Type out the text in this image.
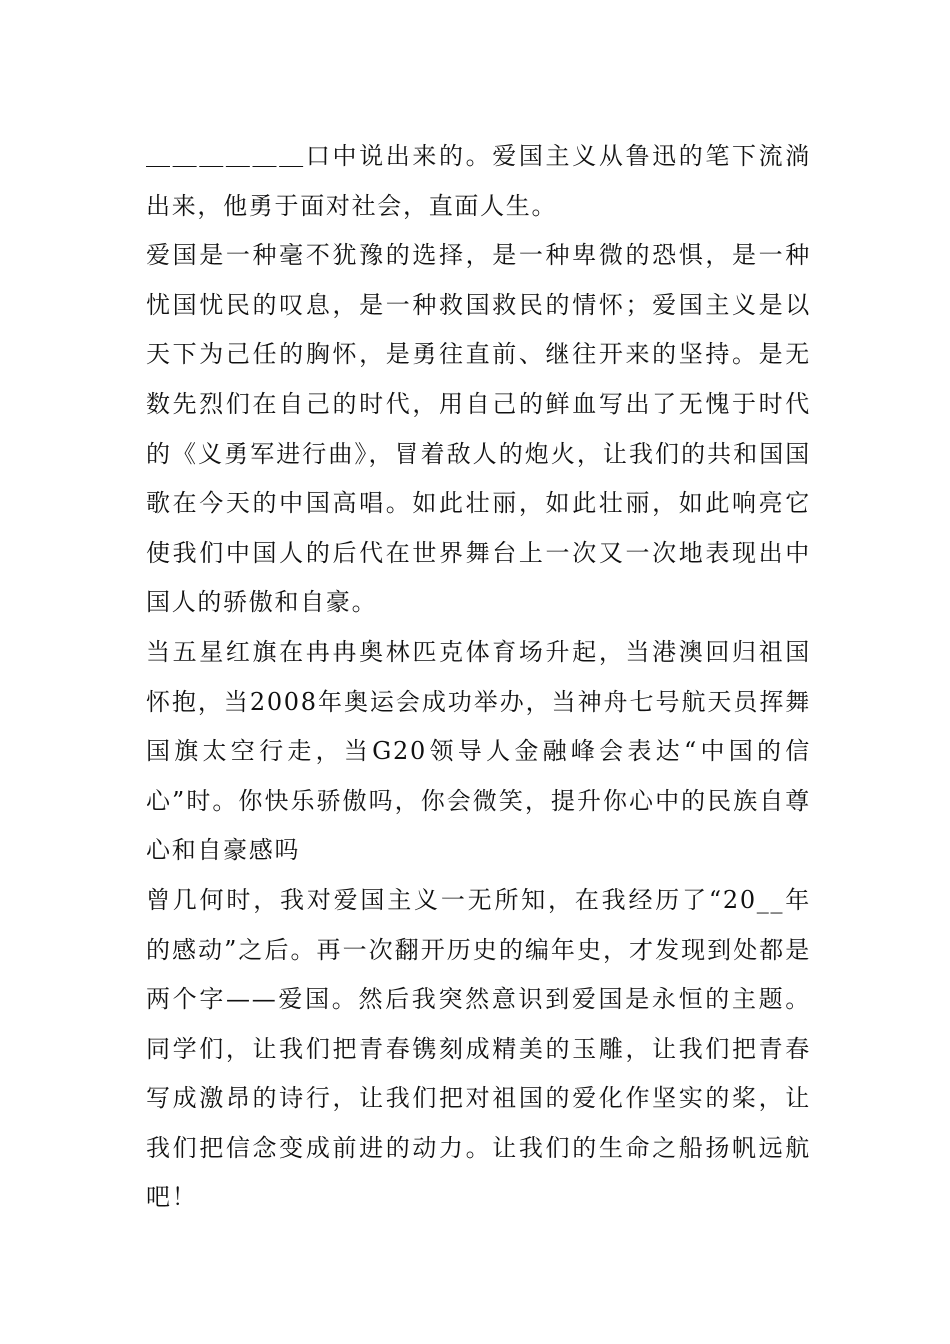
＿＿＿＿＿＿口中说出来的。爱国主义从鲁迅的笔下流淌出来，他勇于面对社会，直面人生。

爱国是一种毫不犹豫的选择，是一种卑微的恐惧，是一种忧国忧民的叹息，是一种救国救民的情怀；爱国主义是以天下为己任的胸怀，是勇往直前、继往开来的坚持。是无数先烈们在自己的时代，用自己的鲜血写出了无愧于时代的《义勇军进行曲》，冒着敌人的炮火，让我们的共和国国歌在今天的中国高唱。如此壮丽，如此壮丽，如此响亮它使我们中国人的后代在世界舞台上一次又一次地表现出中国人的骄傲和自豪。

当五星红旗在冉冉奥林匹克体育场升起，当港澳回归祖国怀抱，当2008年奥运会成功举办，当神舟七号航天员挥舞国旗太空行走，当G20领导人金融峰会表达“中国的信心”时。你快乐骄傲吗，你会微笑，提升你心中的民族自尊心和自豪感吗

曾几何时，我对爱国主义一无所知，在我经历了“20__年的感动”之后。再一次翻开历史的编年史，才发现到处都是两个字——爱国。然后我突然意识到爱国是永恒的主题。同学们，让我们把青春镌刻成精美的玉雕，让我们把青春写成激昂的诗行，让我们把对祖国的爱化作坚实的桨，让我们把信念变成前进的动力。让我们的生命之船扬帆远航吧！
